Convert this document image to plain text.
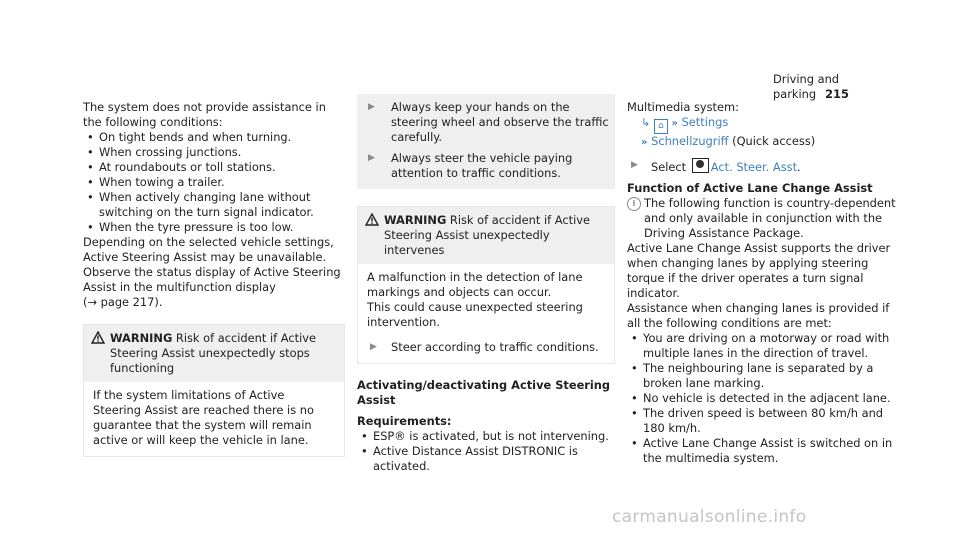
Driving and parking 215

The system does not provide assistance in the following conditions:

• On tight bends and when turning.
• When crossing junctions.
• At roundabouts or toll stations.
• When towing a trailer.
• When actively changing lane without switching on the turn signal indicator.
• When the tyre pressure is too low.

Depending on the selected vehicle settings, Active Steering Assist may be unavailable. Observe the status display of Active Steering Assist in the multifunction display

(→ page 217).

WARNING Risk of accident if Active Steering Assist unexpectedly stops functioning

If the system limitations of Active Steering Assist are reached there is no guarantee that the system will remain active or will keep the vehicle in lane.

▶	Always keep your hands on the steering wheel and observe the traffic carefully.
▶	Always steer the vehicle paying attention to traffic conditions.
WARNING Risk of accident if Active Steering Assist unexpectedly intervenes

A malfunction in the detection of lane markings and objects can occur.

This could cause unexpected steering intervention.

▶	Steer according to traffic conditions.

Activating/deactivating Active Steering Assist

Requirements:

• ESP® is activated, but is not intervening.
• Active Distance Assist DISTRONIC is activated.

Multimedia system:

↳ ⌂ » Settings
» Schnellzugriff (Quick access)
▶	Select Act. Steer. Asst.

Function of Active Lane Change Assist

i The following function is country-dependent and only available in conjunction with the Driving Assistance Package.

Active Lane Change Assist supports the driver when changing lanes by applying steering torque if the driver operates a turn signal indicator.

Assistance when changing lanes is provided if all the following conditions are met:

• You are driving on a motorway or road with multiple lanes in the direction of travel.
• The neighbouring lane is separated by a broken lane marking.
• No vehicle is detected in the adjacent lane.
• The driven speed is between 80 km/h and 180 km/h.
• Active Lane Change Assist is switched on in the multimedia system.
carmanualsonline.info
